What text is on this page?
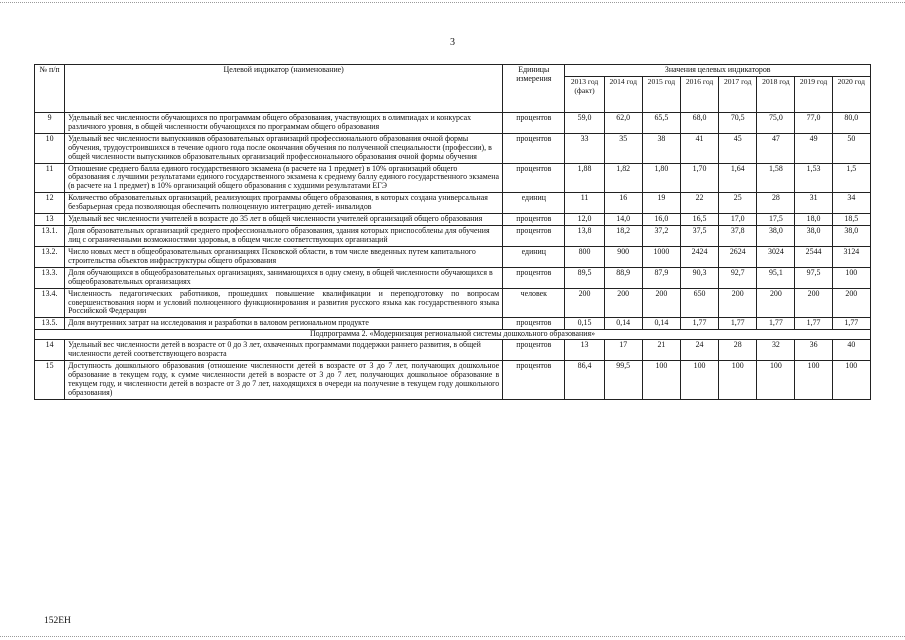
3
№ п/п	Целевой индикатор (наименование)	Единицы измерения	Значения целевых индикаторов							
			2013 год (факт)	2014 год	2015 год	2016 год	2017 год	2018 год	2019 год	2020 год
9	Удельный вес численности обучающихся по программам общего образования, участвующих в олимпиадах и конкурсах различного уровня, в общей численности обучающихся по программам общего образования	процентов	59,0	62,0	65,5	68,0	70,5	75,0	77,0	80,0
10	Удельный вес численности выпускников образовательных организаций профессионального образования очной формы обучения, трудоустроившихся в течение одного года после окончания обучения по полученной специальности (профессии), в общей численности выпускников образовательных организаций профессионального образования очной формы обучения	процентов	33	35	38	41	45	47	49	50
11	Отношение среднего балла единого государственного экзамена (в расчете на 1 предмет) в 10% организаций общего образования с лучшими результатами единого государственного экзамена к среднему баллу единого государственного экзамена (в расчете на 1 предмет) в 10% организаций общего образования с худшими результатами ЕГЭ	процентов	1,88	1,82	1,80	1,70	1,64	1,58	1,53	1,5
12	Количество образовательных организаций, реализующих программы общего образования, в которых создана универсальная безбарьерная среда позволяющая обеспечить полноценную интеграцию детей- инвалидов	единиц	11	16	19	22	25	28	31	34
13	Удельный вес численности учителей в возрасте до 35 лет в общей численности учителей организаций общего образования	процентов	12,0	14,0	16,0	16,5	17,0	17,5	18,0	18,5
13.1.	Доля образовательных организаций среднего профессионального образования, здания которых приспособлены для обучения лиц с ограниченными возможностями здоровья, в общем числе соответствующих организаций	процентов	13,8	18,2	37,2	37,5	37,8	38,0	38,0	38,0
13.2.	Число новых мест в общеобразовательных организациях Псковской области, в том числе введенных путем капитального строительства объектов инфраструктуры общего образования	единиц	800	900	1000	2424	2624	3024	2544	3124
13.3.	Доля обучающихся в общеобразовательных организациях, занимающихся в одну смену, в общей численности обучающихся в общеобразовательных организациях	процентов	89,5	88,9	87,9	90,3	92,7	95,1	97,5	100
13.4.	Численность педагогических работников, прошедших повышение квалификации и переподготовку по вопросам совершенствования норм и условий полноценного функционирования и развития русского языка как государственного языка Российской Федерации	человек	200	200	200	650	200	200	200	200
13.5.	Доля внутренних затрат на исследования и разработки в валовом региональном продукте	процентов	0,15	0,14	0,14	1,77	1,77	1,77	1,77	1,77
Подпрограмма 2. «Модернизация региональной системы дошкольного образования»										
14	Удельный вес численности детей в возрасте от 0 до 3 лет, охваченных программами поддержки раннего развития, в общей численности детей соответствующего возраста	процентов	13	17	21	24	28	32	36	40
15	Доступность дошкольного образования (отношение численности детей в возрасте от 3 до 7 лет, получающих дошкольное образование в текущем году, к сумме численности детей в возрасте от 3 до 7 лет, получающих дошкольное образование в текущем году, и численности детей в возрасте от 3 до 7 лет, находящихся в очереди на получение в текущем году дошкольного образования)	процентов	86,4	99,5	100	100	100	100	100	100
152ЕН
